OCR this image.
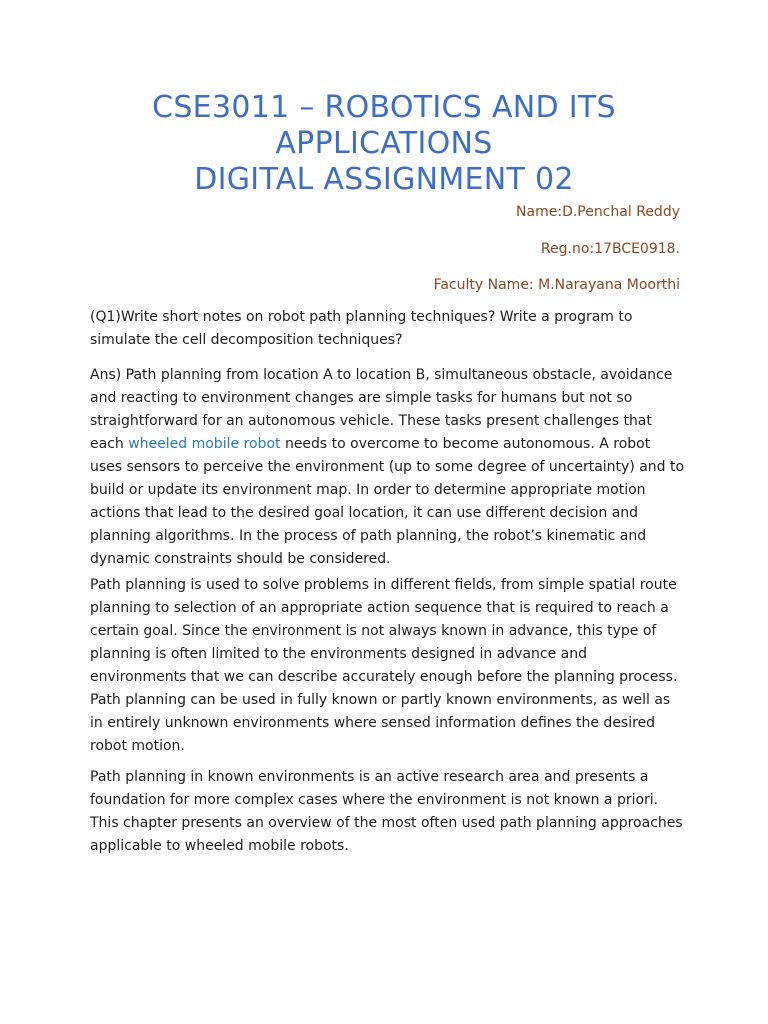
CSE3011 – ROBOTICS AND ITS
APPLICATIONS
DIGITAL ASSIGNMENT 02
Name:D.Penchal Reddy
Reg.no:17BCE0918.
Faculty Name: M.Narayana Moorthi

(Q1)Write short notes on robot path planning techniques? Write a program to simulate the cell decomposition techniques?

Ans) Path planning from location A to location B, simultaneous obstacle, avoidance and reacting to environment changes are simple tasks for humans but not so straightforward for an autonomous vehicle. These tasks present challenges that each wheeled mobile robot needs to overcome to become autonomous. A robot uses sensors to perceive the environment (up to some degree of uncertainty) and to build or update its environment map. In order to determine appropriate motion actions that lead to the desired goal location, it can use different decision and planning algorithms. In the process of path planning, the robot’s kinematic and dynamic constraints should be considered.

Path planning is used to solve problems in different fields, from simple spatial route planning to selection of an appropriate action sequence that is required to reach a certain goal. Since the environment is not always known in advance, this type of planning is often limited to the environments designed in advance and environments that we can describe accurately enough before the planning process. Path planning can be used in fully known or partly known environments, as well as in entirely unknown environments where sensed information defines the desired robot motion.

Path planning in known environments is an active research area and presents a foundation for more complex cases where the environment is not known a priori. This chapter presents an overview of the most often used path planning approaches applicable to wheeled mobile robots.
